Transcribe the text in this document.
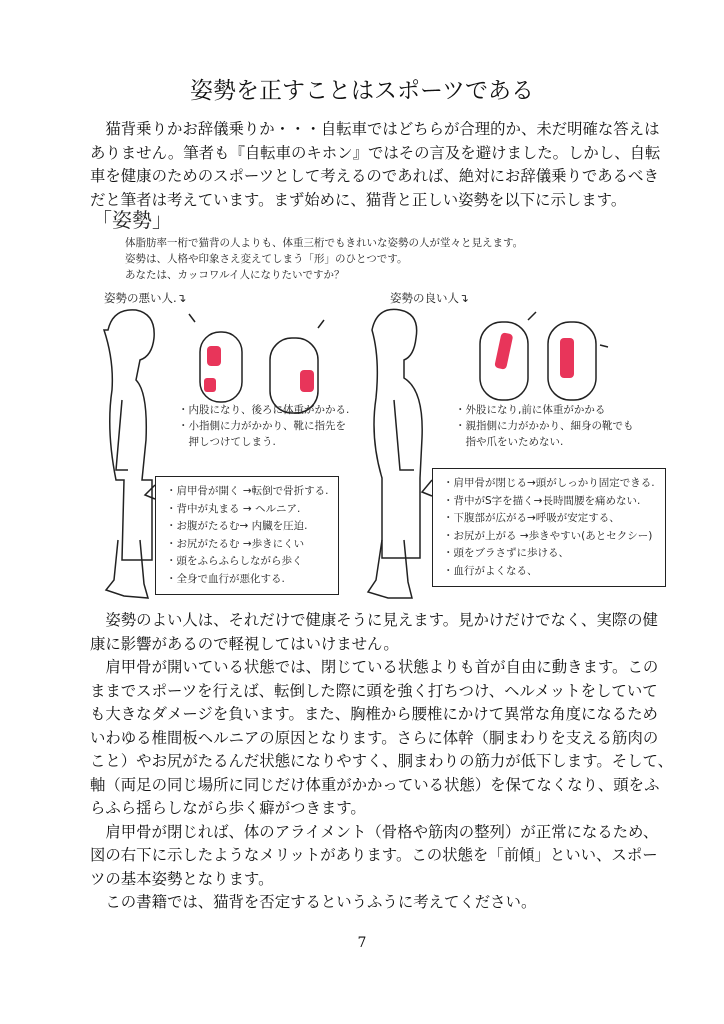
姿勢を正すことはスポーツである
　猫背乗りかお辞儀乗りか・・・自転車ではどちらが合理的か、未だ明確な答えは
ありません。筆者も『自転車のキホン』ではその言及を避けました。しかし、自転
車を健康のためのスポーツとして考えるのであれば、絶対にお辞儀乗りであるべき
だと筆者は考えています。まず始めに、猫背と正しい姿勢を以下に示します。
「姿勢」
体脂肪率一桁で猫背の人よりも、体重三桁でもきれいな姿勢の人が堂々と見えます。
姿勢は、人格や印象さえ変えてしまう「形」のひとつです。
あなたは、カッコワルイ人になりたいですか？
姿勢の悪い人.↴	姿勢の良い人↴
・内股になり、後ろに体重がかかる.
・小指側に力がかかり、靴に指先を
　押しつけてしまう.
・外股になり,前に体重がかかる
・親指側に力がかかり、細身の靴でも
　指や爪をいためない.
・肩甲骨が開く →転倒で骨折する.
・背中が丸まる → ヘルニア.
・お腹がたるむ→ 内臓を圧迫.
・お尻がたるむ →歩きにくい
・頭をふらふらしながら歩く
・全身で血行が悪化する.
・肩甲骨が閉じる→頭がしっかり固定できる.
・背中がS字を描く→長時間腰を痛めない.
・下腹部が広がる→呼吸が安定する、
・お尻が上がる →歩きやすい(あとセクシー)
・頭をブラさずに歩ける、
・血行がよくなる、
　姿勢のよい人は、それだけで健康そうに見えます。見かけだけでなく、実際の健
康に影響があるので軽視してはいけません。
　肩甲骨が開いている状態では、閉じている状態よりも首が自由に動きます。この
ままでスポーツを行えば、転倒した際に頭を強く打ちつけ、ヘルメットをしていて
も大きなダメージを負います。また、胸椎から腰椎にかけて異常な角度になるため
いわゆる椎間板ヘルニアの原因となります。さらに体幹（胴まわりを支える筋肉の
こと）やお尻がたるんだ状態になりやすく、胴まわりの筋力が低下します。そして、
軸（両足の同じ場所に同じだけ体重がかかっている状態）を保てなくなり、頭をふ
らふら揺らしながら歩く癖がつきます。
　肩甲骨が閉じれば、体のアライメント（骨格や筋肉の整列）が正常になるため、
図の右下に示したようなメリットがあります。この状態を「前傾」といい、スポー
ツの基本姿勢となります。
　この書籍では、猫背を否定するというふうに考えてください。
7
